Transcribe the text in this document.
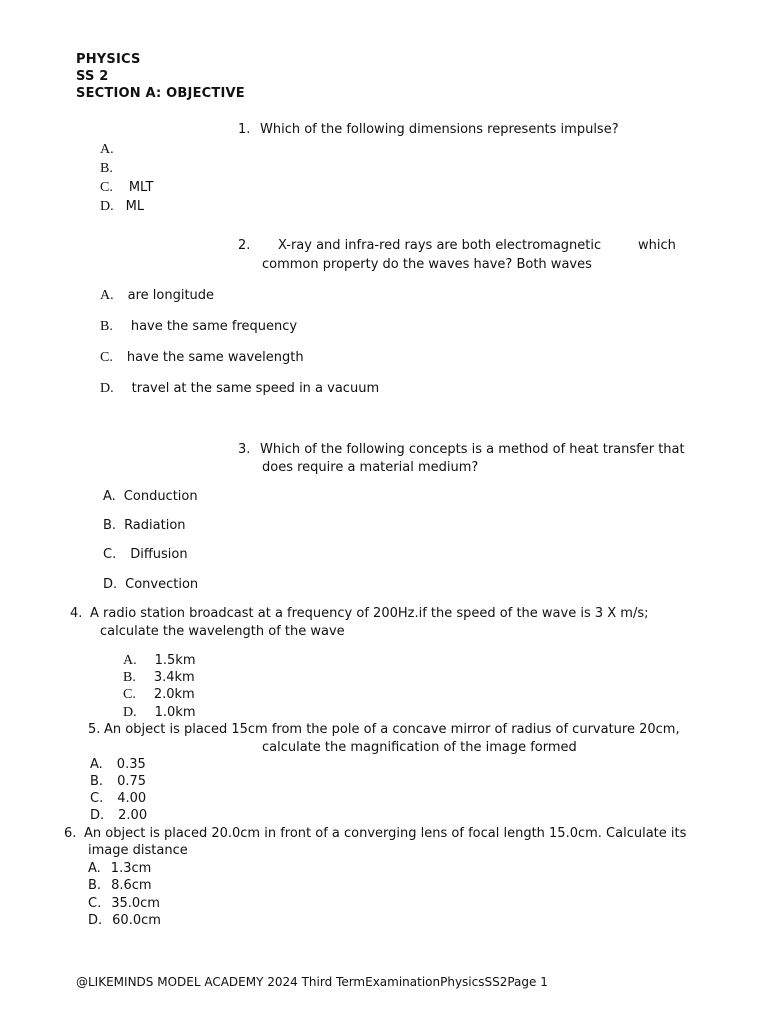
PHYSICS
SS 2
SECTION A: OBJECTIVE
1. Which of the following dimensions represents impulse?
A.
B.
C. MLT
D. ML
2. X-ray and infra-red rays are both electromagnetic	which
common property do the waves have? Both waves
A. are longitude
B. have the same frequency
C. have the same wavelength
D. travel at the same speed in a vacuum
3. Which of the following concepts is a method of heat transfer that
does require a material medium?
A. Conduction
B. Radiation
C. Diffusion
D. Convection
4. A radio station broadcast at a frequency of 200Hz.if the speed of the wave is 3 X m/s;
calculate the wavelength of the wave
A. 1.5km
B. 3.4km
C. 2.0km
D. 1.0km
5. An object is placed 15cm from the pole of a concave mirror of radius of curvature 20cm,
calculate the magnification of the image formed
A. 0.35
B. 0.75
C. 4.00
D. 2.00
6. An object is placed 20.0cm in front of a converging lens of focal length 15.0cm. Calculate its
image distance
A. 1.3cm
B. 8.6cm
C. 35.0cm
D. 60.0cm
@LIKEMINDS MODEL ACADEMY 2024 Third TermExaminationPhysicsSS2Page 1
